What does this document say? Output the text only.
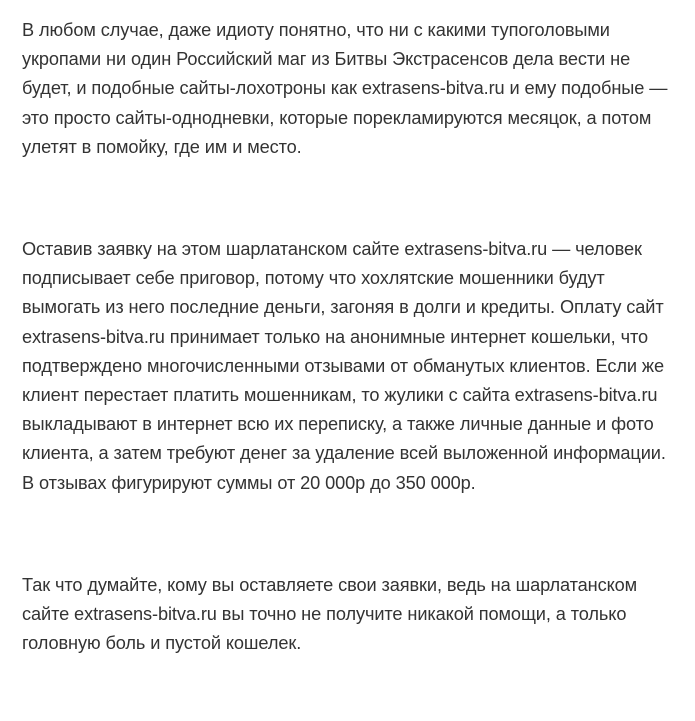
В любом случае, даже идиоту понятно, что ни с какими тупоголовыми укропами ни один Российский маг из Битвы Экстрасенсов дела вести не будет, и подобные сайты-лохотроны как extrasens-bitva.ru и ему подобные — это просто сайты-однодневки, которые порекламируются месяцок, а потом улетят в помойку, где им и место.

Оставив заявку на этом шарлатанском сайте extrasens-bitva.ru — человек подписывает себе приговор, потому что хохлятские мошенники будут вымогать из него последние деньги, загоняя в долги и кредиты. Оплату сайт extrasens-bitva.ru принимает только на анонимные интернет кошельки, что подтверждено многочисленными отзывами от обманутых клиентов. Если же клиент перестает платить мошенникам, то жулики с сайта extrasens-bitva.ru выкладывают в интернет всю их переписку, а также личные данные и фото клиента, а затем требуют денег за удаление всей выложенной информации. В отзывах фигурируют суммы от 20 000р до 350 000р.

Так что думайте, кому вы оставляете свои заявки, ведь на шарлатанском сайте extrasens-bitva.ru вы точно не получите никакой помощи, а только головную боль и пустой кошелек.
